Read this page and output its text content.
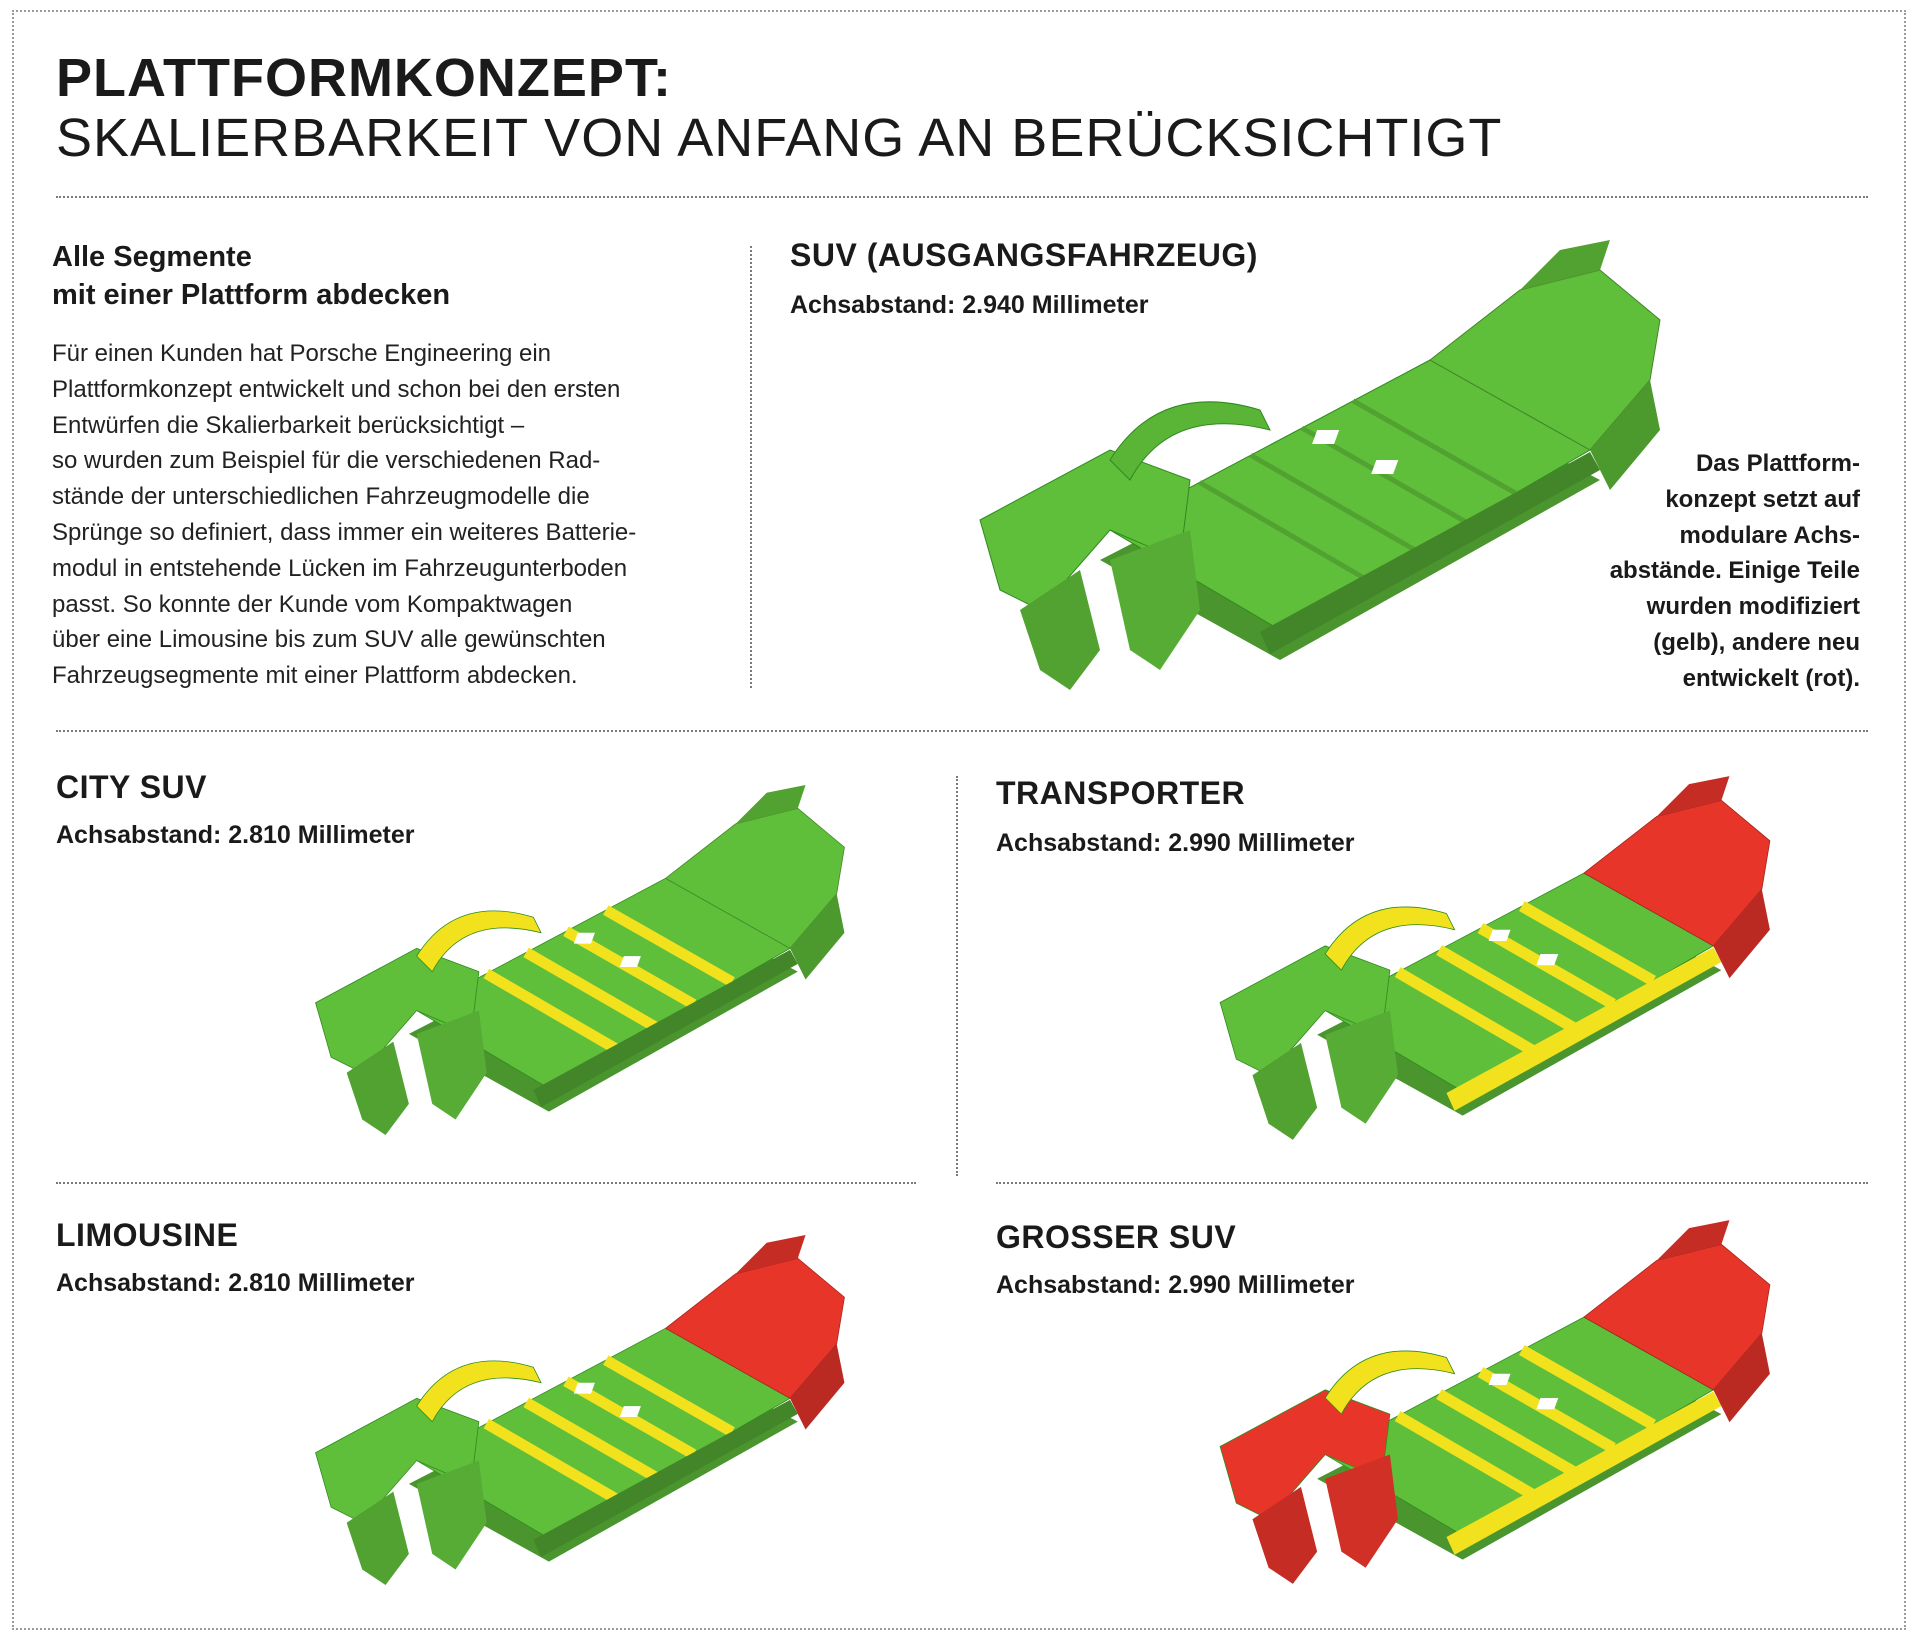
PLATTFORMKONZEPT:
SKALIERBARKEIT VON ANFANG AN BERÜCKSICHTIGT
Alle Segmente
mit einer Plattform abdecken

Für einen Kunden hat Porsche Engineering ein
Plattformkonzept entwickelt und schon bei den ersten
Entwürfen die Skalierbarkeit berücksichtigt –
so wurden zum Beispiel für die verschiedenen Rad-
stände der unterschiedlichen Fahrzeugmodelle die
Sprünge so definiert, dass immer ein weiteres Batterie-
modul in entstehende Lücken im Fahrzeugunterboden
passt. So konnte der Kunde vom Kompaktwagen
über eine Limousine bis zum SUV alle gewünschten
Fahrzeugsegmente mit einer Plattform abdecken.

SUV (AUSGANGSFAHRZEUG)

Achsabstand: 2.940 Millimeter

Das Plattform-
konzept setzt auf
modulare Achs-
abstände. Einige Teile
wurden modifiziert
(gelb), andere neu
entwickelt (rot).

CITY SUV

Achsabstand: 2.810 Millimeter

TRANSPORTER

Achsabstand: 2.990 Millimeter

LIMOUSINE

Achsabstand: 2.810 Millimeter

GROSSER SUV

Achsabstand: 2.990 Millimeter
